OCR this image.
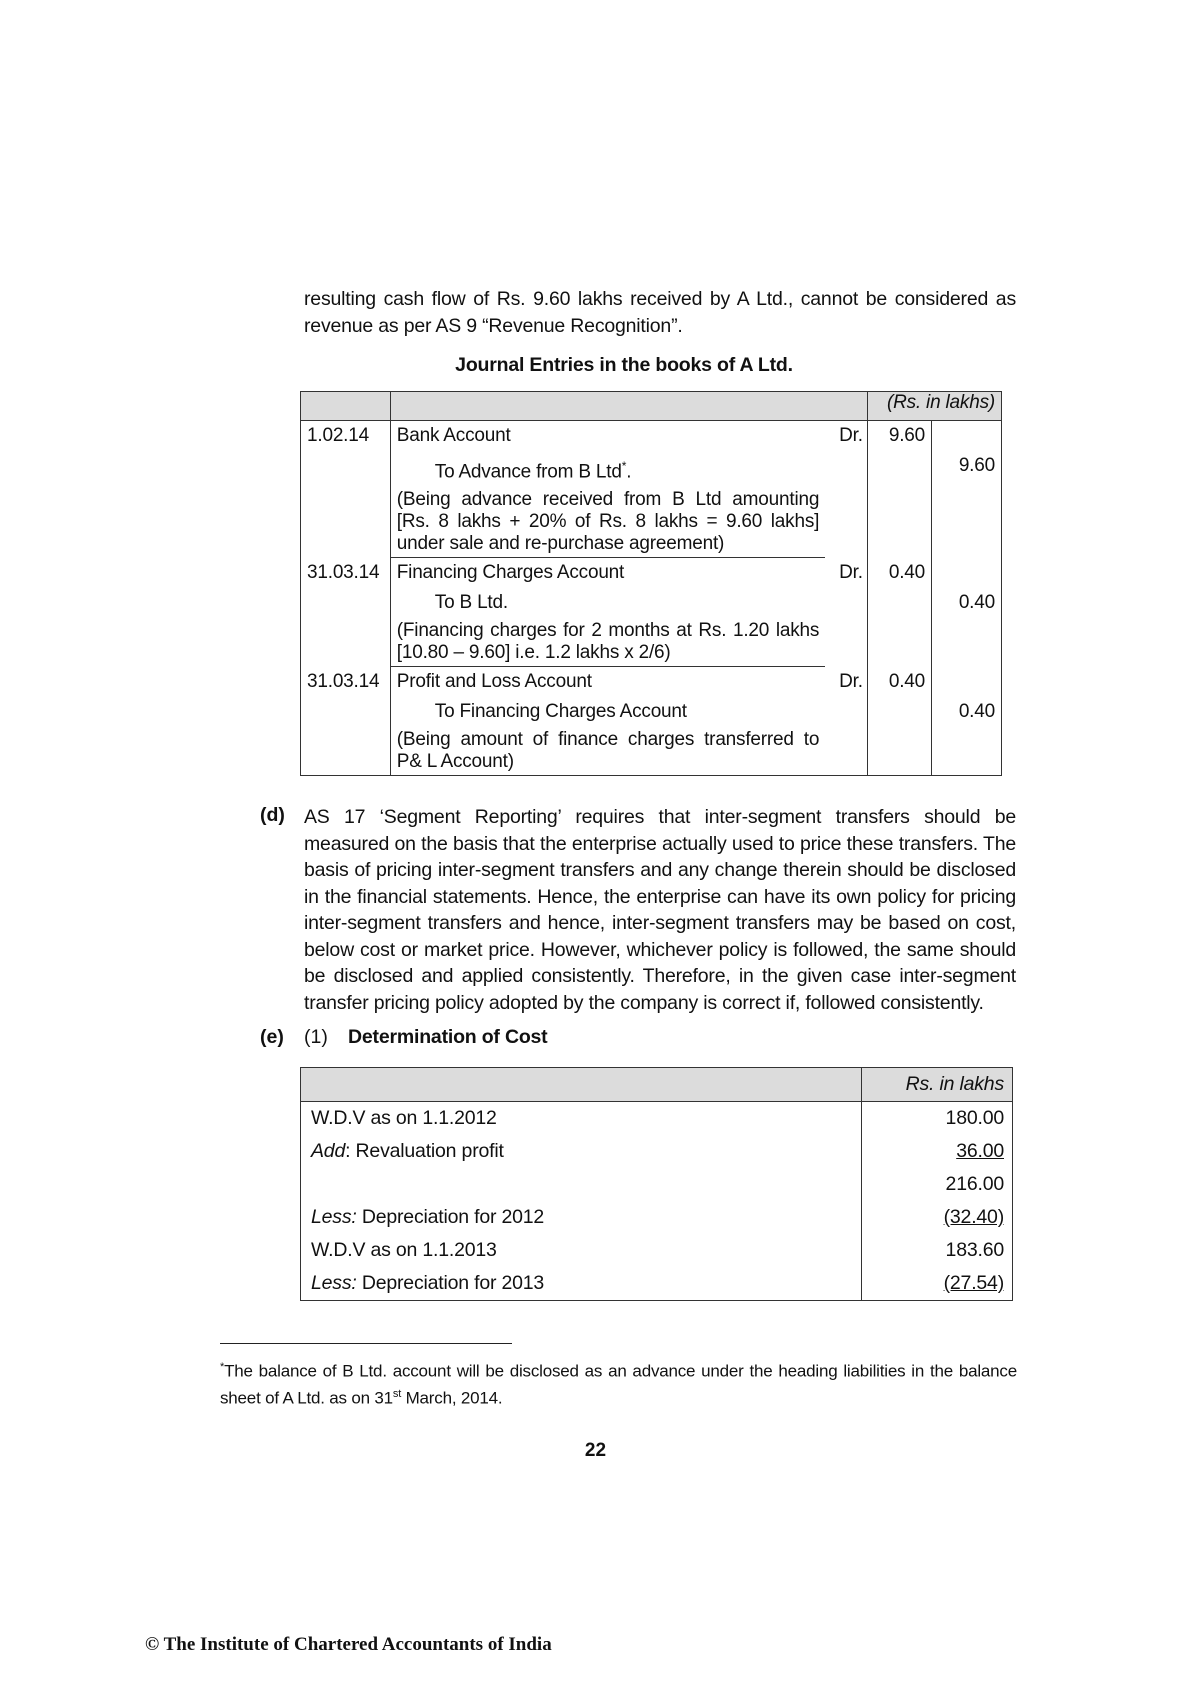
resulting cash flow of Rs. 9.60 lakhs received by A Ltd., cannot be considered as revenue as per AS 9 “Revenue Recognition”.

Journal Entries in the books of A Ltd.
			(Rs. in lakhs)	
1.02.14	Bank Account	Dr.	9.60	
	To Advance from B Ltd*.			9.60
	(Being advance received from B Ltd amounting [Rs. 8 lakhs + 20% of Rs. 8 lakhs = 9.60 lakhs] under sale and re-purchase agreement)			
31.03.14	Financing Charges Account	Dr.	0.40	
	To B Ltd.			0.40
	(Financing charges for 2 months at Rs. 1.20 lakhs [10.80 – 9.60] i.e. 1.2 lakhs x 2/6)			
31.03.14	Profit and Loss Account	Dr.	0.40	
	To Financing Charges Account			0.40
	(Being amount of finance charges transferred to P& L Account)			
(d) AS 17 ‘Segment Reporting’ requires that inter-segment transfers should be measured on the basis that the enterprise actually used to price these transfers. The basis of pricing inter-segment transfers and any change therein should be disclosed in the financial statements. Hence, the enterprise can have its own policy for pricing inter-segment transfers and hence, inter-segment transfers may be based on cost, below cost or market price. However, whichever policy is followed, the same should be disclosed and applied consistently. Therefore, in the given case inter-segment transfer pricing policy adopted by the company is correct if, followed consistently.

(e) (1) Determination of Cost
	Rs. in lakhs
W.D.V as on 1.1.2012	180.00
Add: Revaluation profit	36.00
	216.00
Less: Depreciation for 2012	(32.40)
W.D.V as on 1.1.2013	183.60
Less: Depreciation for 2013	(27.54)

*The balance of B Ltd. account will be disclosed as an advance under the heading liabilities in the balance sheet of A Ltd. as on 31st March, 2014.

22
© The Institute of Chartered Accountants of India
